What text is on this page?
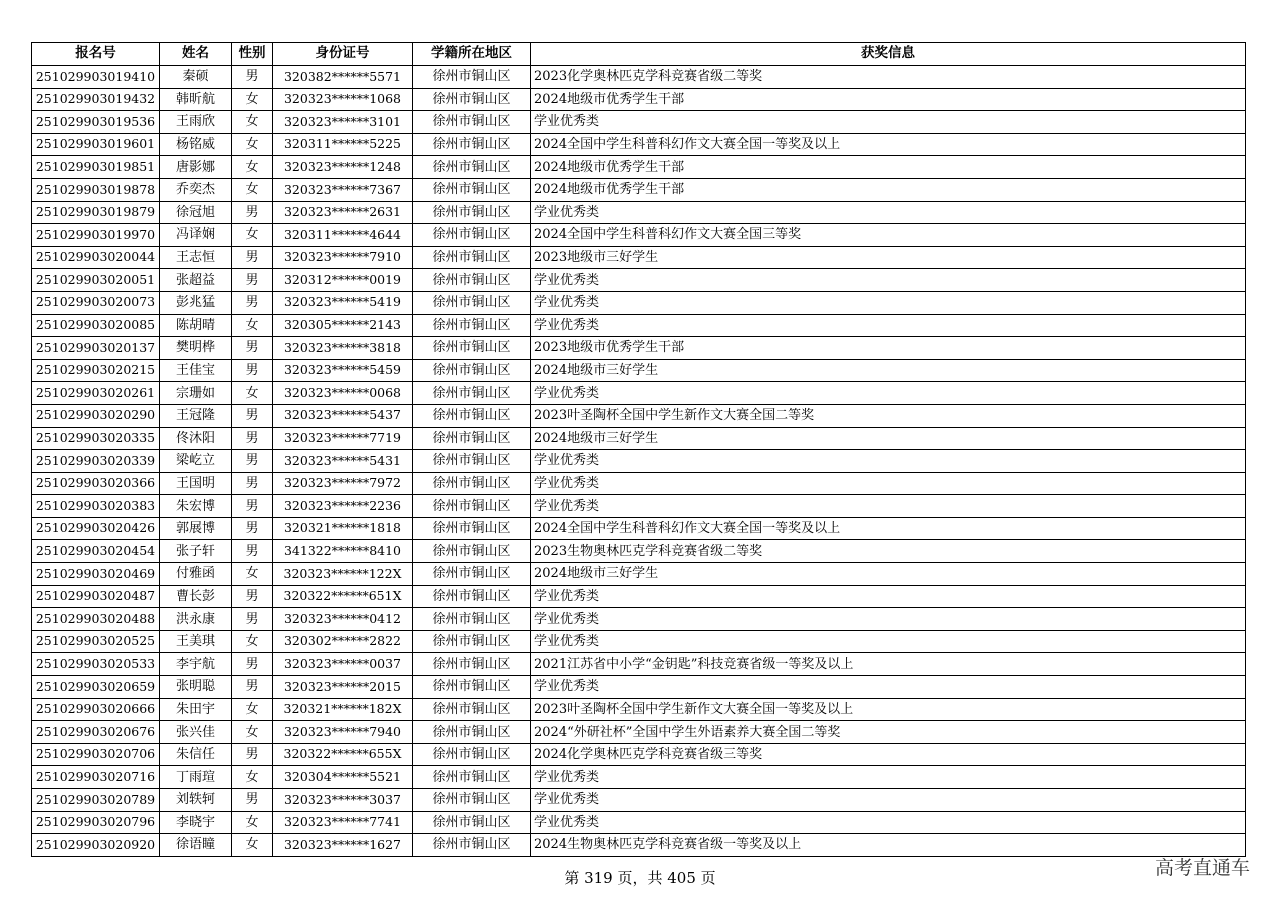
报名号	姓名	性别	身份证号	学籍所在地区	获奖信息
251029903019410	秦硕	男	320382******5571	徐州市铜山区	2023化学奥林匹克学科竞赛省级二等奖
251029903019432	韩昕航	女	320323******1068	徐州市铜山区	2024地级市优秀学生干部
251029903019536	王雨欣	女	320323******3101	徐州市铜山区	学业优秀类
251029903019601	杨铭威	女	320311******5225	徐州市铜山区	2024全国中学生科普科幻作文大赛全国一等奖及以上
251029903019851	唐影娜	女	320323******1248	徐州市铜山区	2024地级市优秀学生干部
251029903019878	乔奕杰	女	320323******7367	徐州市铜山区	2024地级市优秀学生干部
251029903019879	徐冠旭	男	320323******2631	徐州市铜山区	学业优秀类
251029903019970	冯译娴	女	320311******4644	徐州市铜山区	2024全国中学生科普科幻作文大赛全国三等奖
251029903020044	王志恒	男	320323******7910	徐州市铜山区	2023地级市三好学生
251029903020051	张超益	男	320312******0019	徐州市铜山区	学业优秀类
251029903020073	彭兆猛	男	320323******5419	徐州市铜山区	学业优秀类
251029903020085	陈胡晴	女	320305******2143	徐州市铜山区	学业优秀类
251029903020137	樊明桦	男	320323******3818	徐州市铜山区	2023地级市优秀学生干部
251029903020215	王佳宝	男	320323******5459	徐州市铜山区	2024地级市三好学生
251029903020261	宗珊如	女	320323******0068	徐州市铜山区	学业优秀类
251029903020290	王冠隆	男	320323******5437	徐州市铜山区	2023叶圣陶杯全国中学生新作文大赛全国二等奖
251029903020335	佟沐阳	男	320323******7719	徐州市铜山区	2024地级市三好学生
251029903020339	梁屹立	男	320323******5431	徐州市铜山区	学业优秀类
251029903020366	王国明	男	320323******7972	徐州市铜山区	学业优秀类
251029903020383	朱宏博	男	320323******2236	徐州市铜山区	学业优秀类
251029903020426	郭展博	男	320321******1818	徐州市铜山区	2024全国中学生科普科幻作文大赛全国一等奖及以上
251029903020454	张子轩	男	341322******8410	徐州市铜山区	2023生物奥林匹克学科竞赛省级二等奖
251029903020469	付雅函	女	320323******122X	徐州市铜山区	2024地级市三好学生
251029903020487	曹长彭	男	320322******651X	徐州市铜山区	学业优秀类
251029903020488	洪永康	男	320323******0412	徐州市铜山区	学业优秀类
251029903020525	王美琪	女	320302******2822	徐州市铜山区	学业优秀类
251029903020533	李宇航	男	320323******0037	徐州市铜山区	2021江苏省中小学“金钥匙”科技竞赛省级一等奖及以上
251029903020659	张明聪	男	320323******2015	徐州市铜山区	学业优秀类
251029903020666	朱田宇	女	320321******182X	徐州市铜山区	2023叶圣陶杯全国中学生新作文大赛全国一等奖及以上
251029903020676	张兴佳	女	320323******7940	徐州市铜山区	2024“外研社杯”全国中学生外语素养大赛全国二等奖
251029903020706	朱信任	男	320322******655X	徐州市铜山区	2024化学奥林匹克学科竞赛省级三等奖
251029903020716	丁雨瑄	女	320304******5521	徐州市铜山区	学业优秀类
251029903020789	刘轶轲	男	320323******3037	徐州市铜山区	学业优秀类
251029903020796	李晓宇	女	320323******7741	徐州市铜山区	学业优秀类
251029903020920	徐语瞳	女	320323******1627	徐州市铜山区	2024生物奥林匹克学科竞赛省级一等奖及以上
第 319 页，共 405 页	高考直通车
